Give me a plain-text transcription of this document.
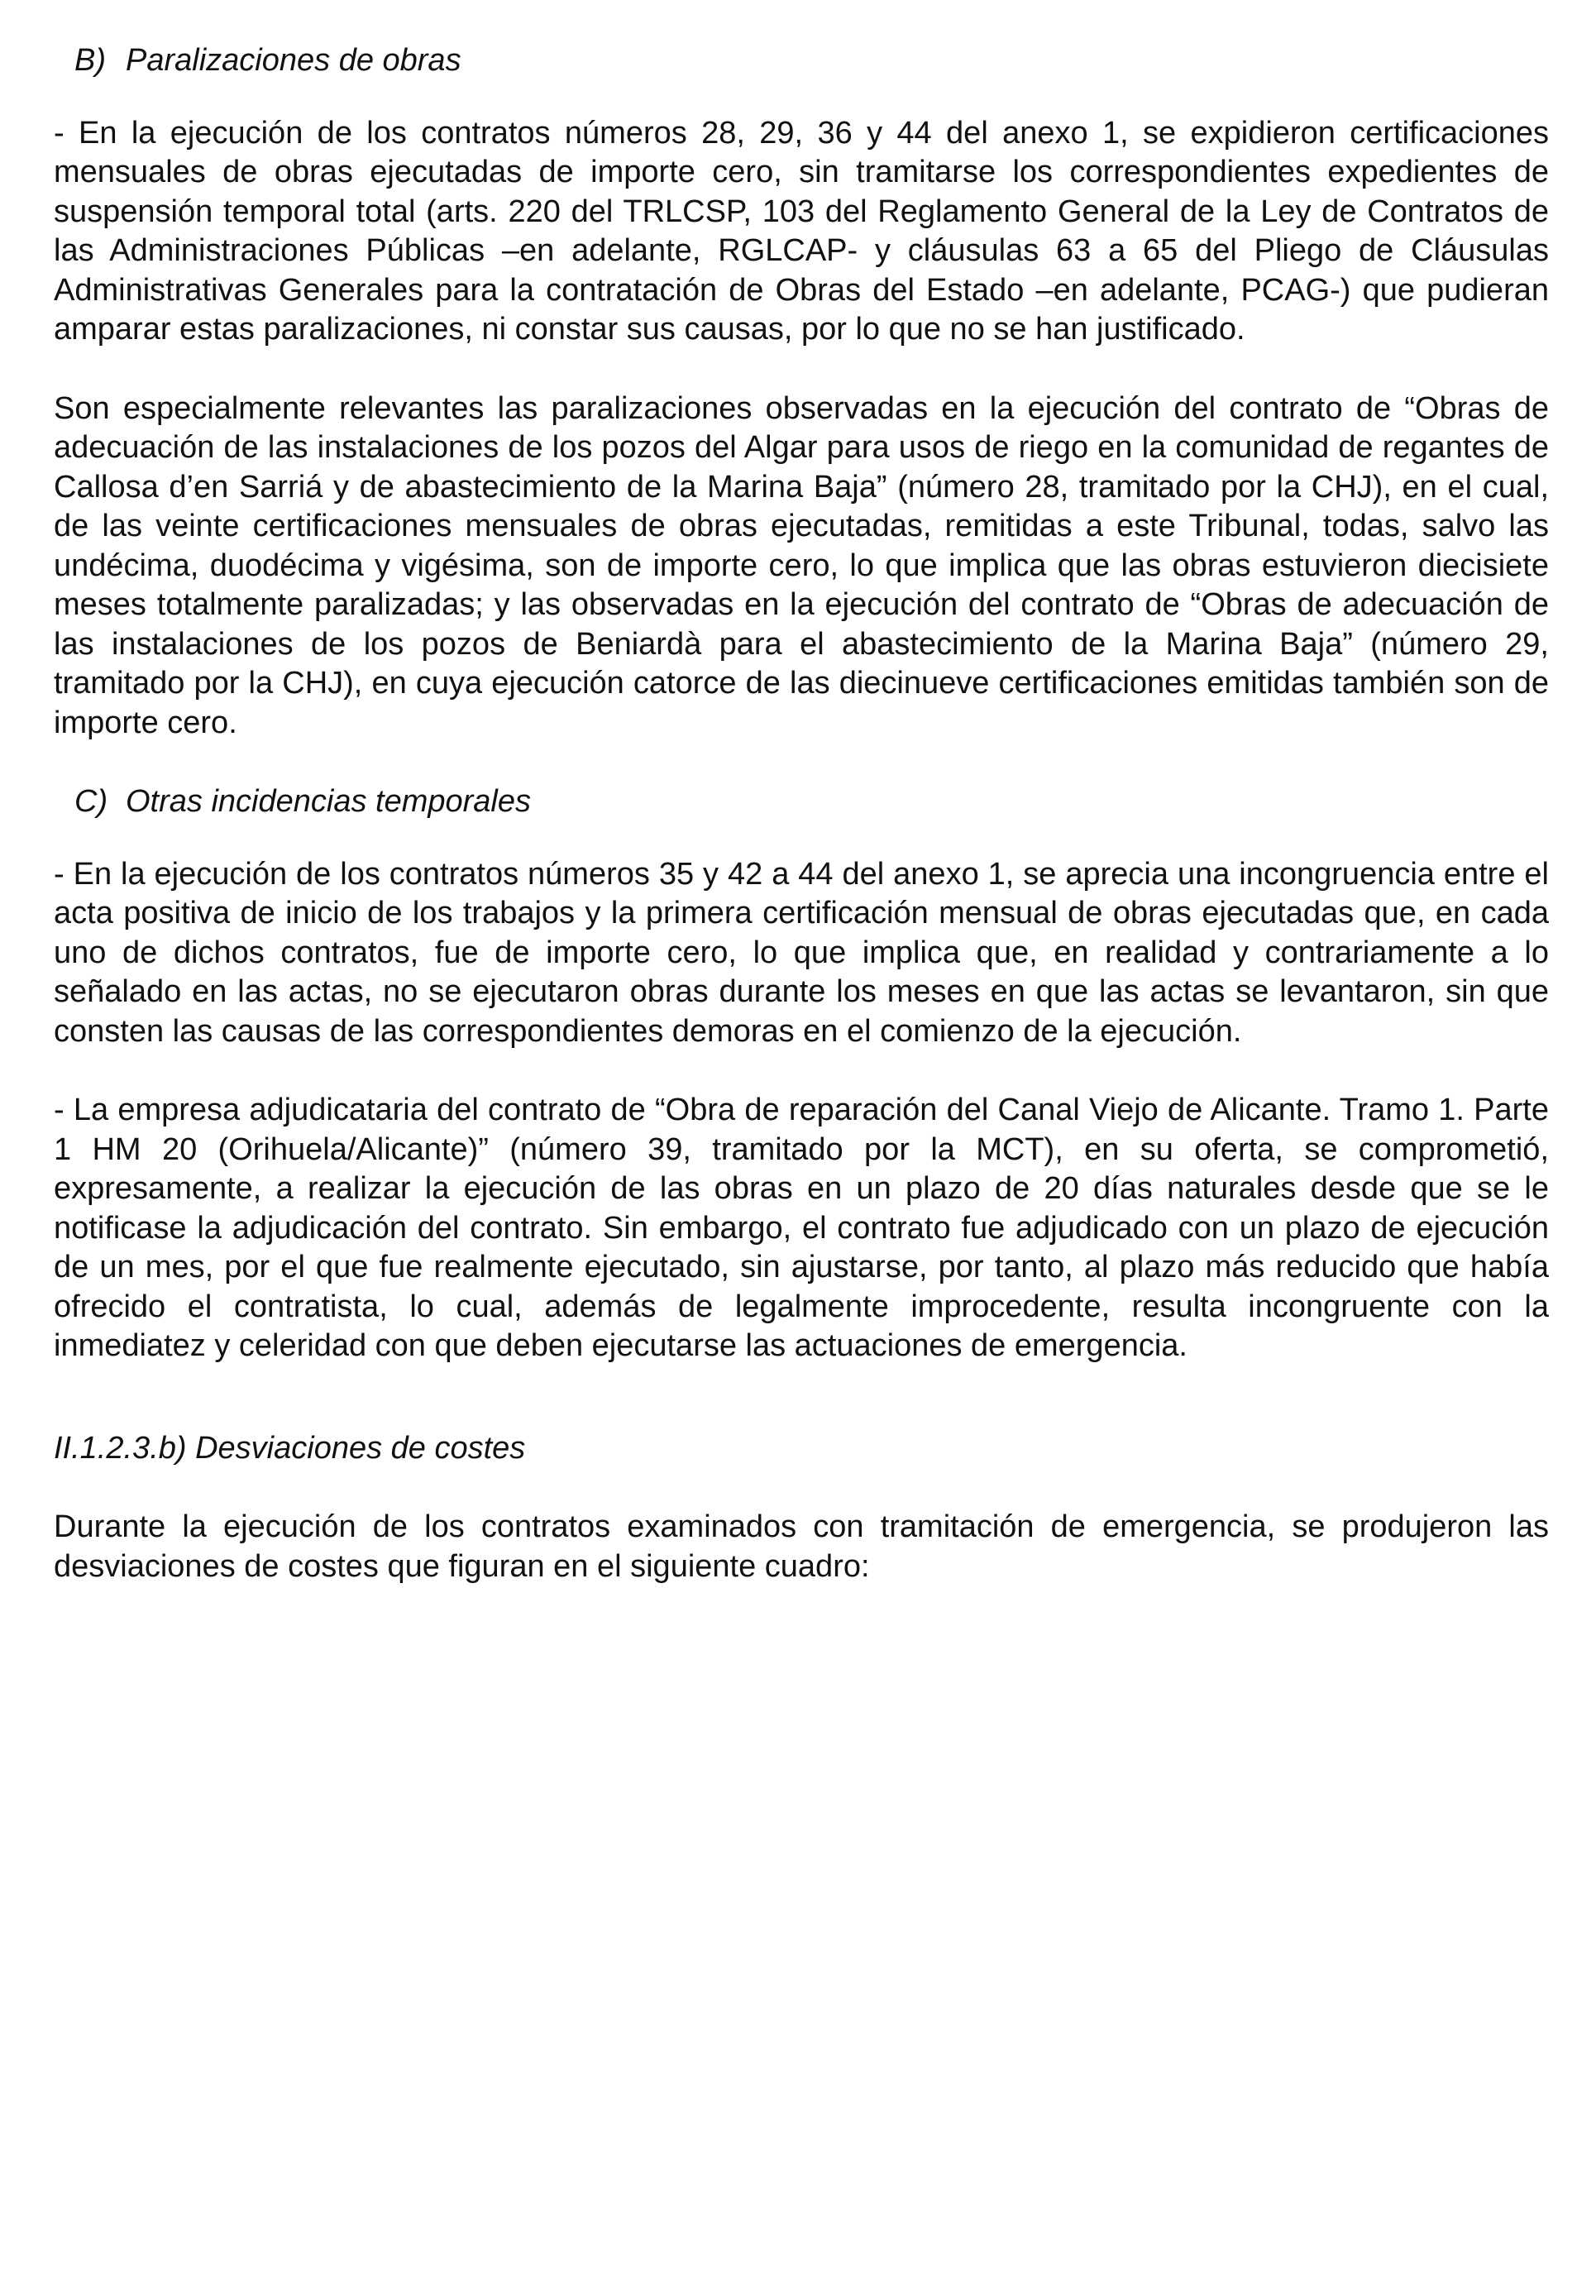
B) Paralizaciones de obras

- En la ejecución de los contratos números 28, 29, 36 y 44 del anexo 1, se expidieron certificaciones mensuales de obras ejecutadas de importe cero, sin tramitarse los correspondientes expedientes de suspensión temporal total (arts. 220 del TRLCSP, 103 del Reglamento General de la Ley de Contratos de las Administraciones Públicas –en adelante, RGLCAP- y cláusulas 63 a 65 del Pliego de Cláusulas Administrativas Generales para la contratación de Obras del Estado –en adelante, PCAG-) que pudieran amparar estas paralizaciones, ni constar sus causas, por lo que no se han justificado.

Son especialmente relevantes las paralizaciones observadas en la ejecución del contrato de “Obras de adecuación de las instalaciones de los pozos del Algar para usos de riego en la comunidad de regantes de Callosa d’en Sarriá y de abastecimiento de la Marina Baja” (número 28, tramitado por la CHJ), en el cual, de las veinte certificaciones mensuales de obras ejecutadas, remitidas a este Tribunal, todas, salvo las undécima, duodécima y vigésima, son de importe cero, lo que implica que las obras estuvieron diecisiete meses totalmente paralizadas; y las observadas en la ejecución del contrato de “Obras de adecuación de las instalaciones de los pozos de Beniardà para el abastecimiento de la Marina Baja” (número 29, tramitado por la CHJ), en cuya ejecución catorce de las diecinueve certificaciones emitidas también son de importe cero.

C) Otras incidencias temporales

- En la ejecución de los contratos números 35 y 42 a 44 del anexo 1, se aprecia una incongruencia entre el acta positiva de inicio de los trabajos y la primera certificación mensual de obras ejecutadas que, en cada uno de dichos contratos, fue de importe cero, lo que implica que, en realidad y contrariamente a lo señalado en las actas, no se ejecutaron obras durante los meses en que las actas se levantaron, sin que consten las causas de las correspondientes demoras en el comienzo de la ejecución.

- La empresa adjudicataria del contrato de “Obra de reparación del Canal Viejo de Alicante. Tramo 1. Parte 1 HM 20 (Orihuela/Alicante)” (número 39, tramitado por la MCT), en su oferta, se comprometió, expresamente, a realizar la ejecución de las obras en un plazo de 20 días naturales desde que se le notificase la adjudicación del contrato. Sin embargo, el contrato fue adjudicado con un plazo de ejecución de un mes, por el que fue realmente ejecutado, sin ajustarse, por tanto, al plazo más reducido que había ofrecido el contratista, lo cual, además de legalmente improcedente, resulta incongruente con la inmediatez y celeridad con que deben ejecutarse las actuaciones de emergencia.

II.1.2.3.b) Desviaciones de costes

Durante la ejecución de los contratos examinados con tramitación de emergencia, se produjeron las desviaciones de costes que figuran en el siguiente cuadro:
